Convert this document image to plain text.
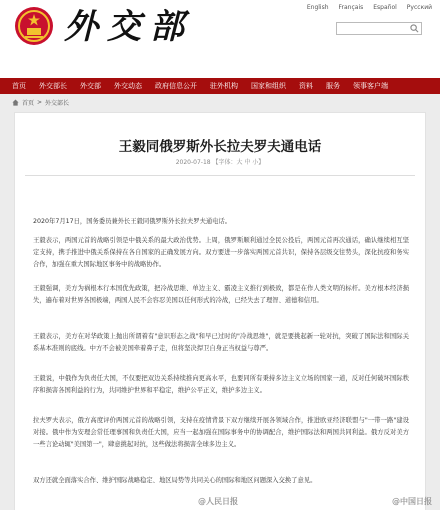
外交部	English Français Español Русский
首页 外交部长 外交部 外交动态 政府信息公开 驻外机构 国家和组织 资料 服务 领事客户端
首页 > 外交部长
王毅同俄罗斯外长拉夫罗夫通电话
2020-07-18 【字体：大 中 小】

2020年7月17日，国务委员兼外长王毅同俄罗斯外长拉夫罗夫通电话。

王毅表示，两国元首的战略引领是中俄关系的最大政治优势。上周，俄罗斯顺利通过全民公投后，两国元首再次通话，确认继续相互坚定支持，携手推进中俄关系保持在各自国家的正确发展方向。双方要进一步落实两国元首共识，保持各层级交往势头，深化抗疫和务实合作，加强在重大国际地区事务中的战略协作。

王毅强调，美方为祸根本行本国优先政策，把冷战思维、单边主义、霸凌主义推行到极致，都是在作人类文明的标杆。美方根本经济损失，遍布着对世界各国极端，两国人民不会容忍美国以任何形式的冷战，已经失去了理智、道德和信用。

王毅表示，美方在对华政策上抛出所谓着有"意识形态之战"和早已过时的"冷战思维"，就是要挑起新一轮对抗，突破了国际法和国际关系基本准则的底线。中方不会被美国牵着鼻子走，但将坚决捍卫自身正当权益与尊严。

王毅说，中俄作为负责任大国，不仅要把双边关系持续推向更高水平，也要同所有秉持多边主义立场的国家一道，反对任何破坏国际秩序和损害各国利益的行为，共同维护世界和平稳定，维护公平正义，维护多边主义。

拉夫罗夫表示，俄方高度评价两国元首的战略引领，支持在疫情背景下双方继续开展各领域合作，推进欧亚经济联盟与"一带一路"建设对接。俄中作为安理会常任理事国和负责任大国，应当一起加强在国际事务中的协调配合，维护国际法和两国共同利益。俄方反对美方一些言论动辄"美国第一"，肆意挑起对抗，这些做法将损害全球多边主义。

双方还就全面落实合作、维护国际战略稳定、地区局势等共同关心的国际和地区问题深入交换了意见。

@人民日报	@中国日报
